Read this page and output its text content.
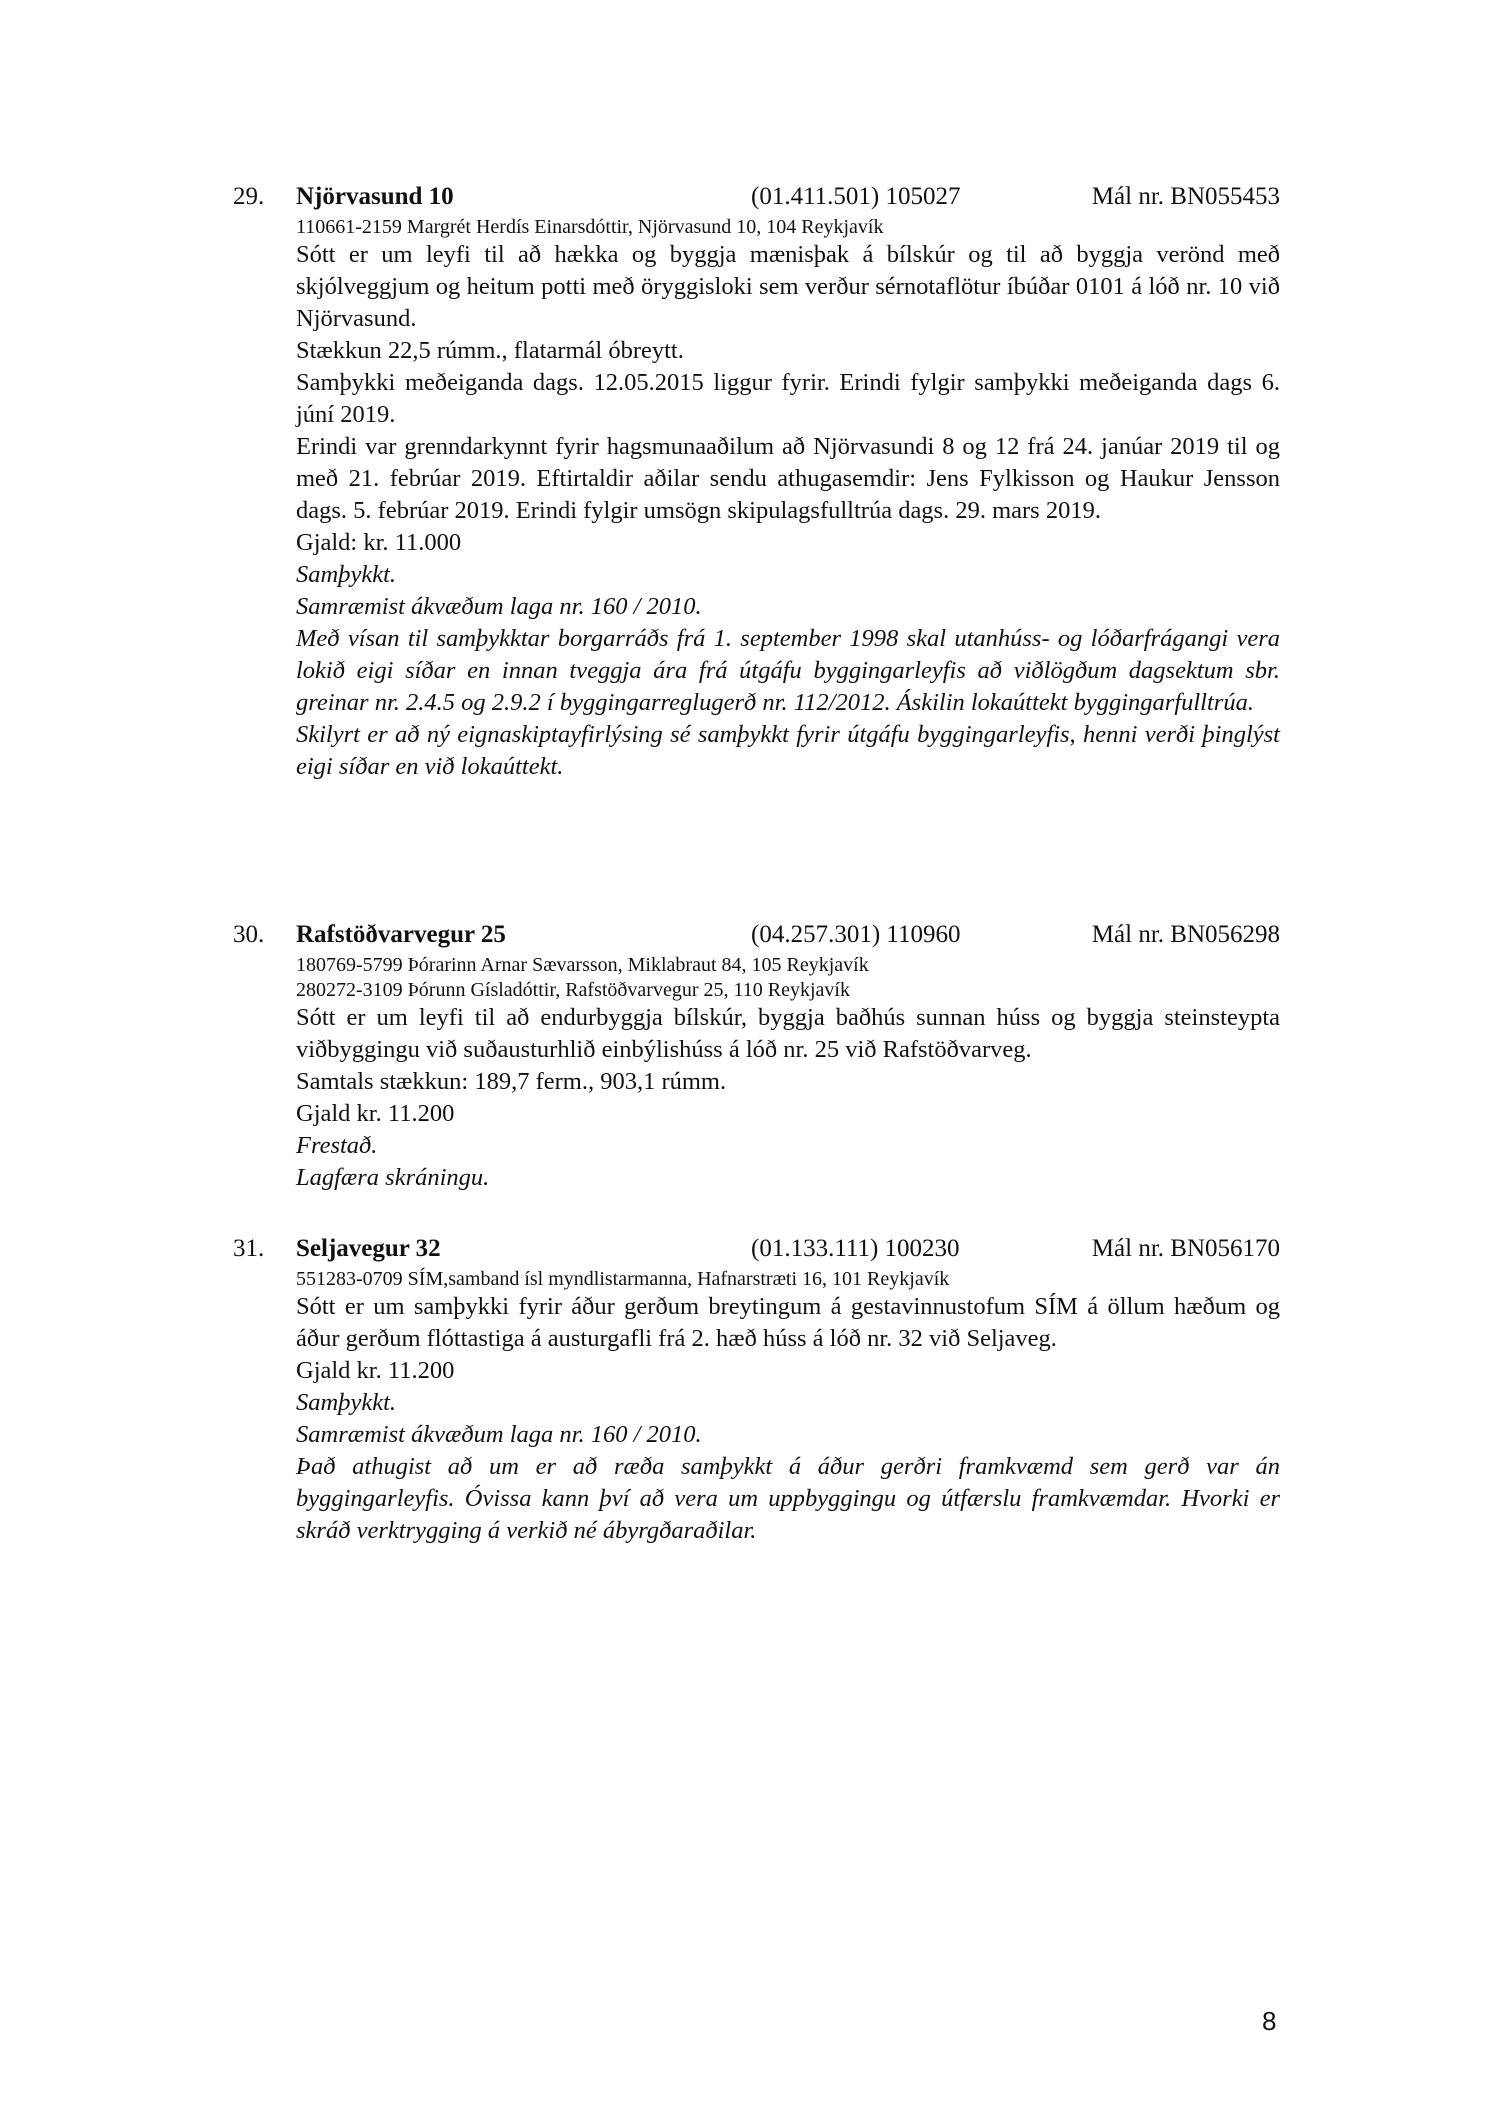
29. Njörvasund 10	(01.411.501) 105027	Mál nr. BN055453
110661-2159 Margrét Herdís Einarsdóttir, Njörvasund 10, 104 Reykjavík
Sótt er um leyfi til að hækka og byggja mænisþak á bílskúr og til að byggja verönd með skjólveggjum og heitum potti með öryggisloki sem verður sérnotaflötur íbúðar 0101 á lóð nr. 10 við Njörvasund.
Stækkun 22,5 rúmm., flatarmál óbreytt.
Samþykki meðeiganda dags. 12.05.2015 liggur fyrir. Erindi fylgir samþykki meðeiganda dags 6. júní 2019.
Erindi var grenndarkynnt fyrir hagsmunaaðilum að Njörvasundi 8 og 12 frá 24. janúar 2019 til og með 21. febrúar 2019. Eftirtaldir aðilar sendu athugasemdir: Jens Fylkisson og Haukur Jensson dags. 5. febrúar 2019. Erindi fylgir umsögn skipulagsfulltrúa dags. 29. mars 2019.
Gjald: kr. 11.000
Samþykkt.
Samræmist ákvæðum laga nr. 160 / 2010.
Með vísan til samþykktar borgarráðs frá 1. september 1998 skal utanhúss- og lóðarfrágangi vera lokið eigi síðar en innan tveggja ára frá útgáfu byggingarleyfis að viðlögðum dagsektum sbr. greinar nr. 2.4.5 og 2.9.2 í byggingarreglugerð nr. 112/2012. Áskilin lokaúttekt byggingarfulltrúa.
Skilyrt er að ný eignaskiptayfirlýsing sé samþykkt fyrir útgáfu byggingarleyfis, henni verði þinglýst eigi síðar en við lokaúttekt.
30. Rafstöðvarvegur 25	(04.257.301) 110960	Mál nr. BN056298
180769-5799 Þórarinn Arnar Sævarsson, Miklabraut 84, 105 Reykjavík
280272-3109 Þórunn Gísladóttir, Rafstöðvarvegur 25, 110 Reykjavík
Sótt er um leyfi til að endurbyggja bílskúr, byggja baðhús sunnan húss og byggja steinsteypta viðbyggingu við suðausturhlið einbýlishúss á lóð nr. 25 við Rafstöðvarveg.
Samtals stækkun: 189,7 ferm., 903,1 rúmm.
Gjald kr. 11.200
Frestað.
Lagfæra skráningu.
31. Seljavegur 32	(01.133.111) 100230	Mál nr. BN056170
551283-0709 SÍM,samband ísl myndlistarmanna, Hafnarstræti 16, 101 Reykjavík
Sótt er um samþykki fyrir áður gerðum breytingum á gestavinnustofum SÍM á öllum hæðum og áður gerðum flóttastiga á austurgafli frá 2. hæð húss á lóð nr. 32 við Seljaveg.
Gjald kr. 11.200
Samþykkt.
Samræmist ákvæðum laga nr. 160 / 2010.
Það athugist að um er að ræða samþykkt á áður gerðri framkvæmd sem gerð var án byggingarleyfis. Óvissa kann því að vera um uppbyggingu og útfærslu framkvæmdar. Hvorki er skráð verktrygging á verkið né ábyrgðaraðilar.
8
